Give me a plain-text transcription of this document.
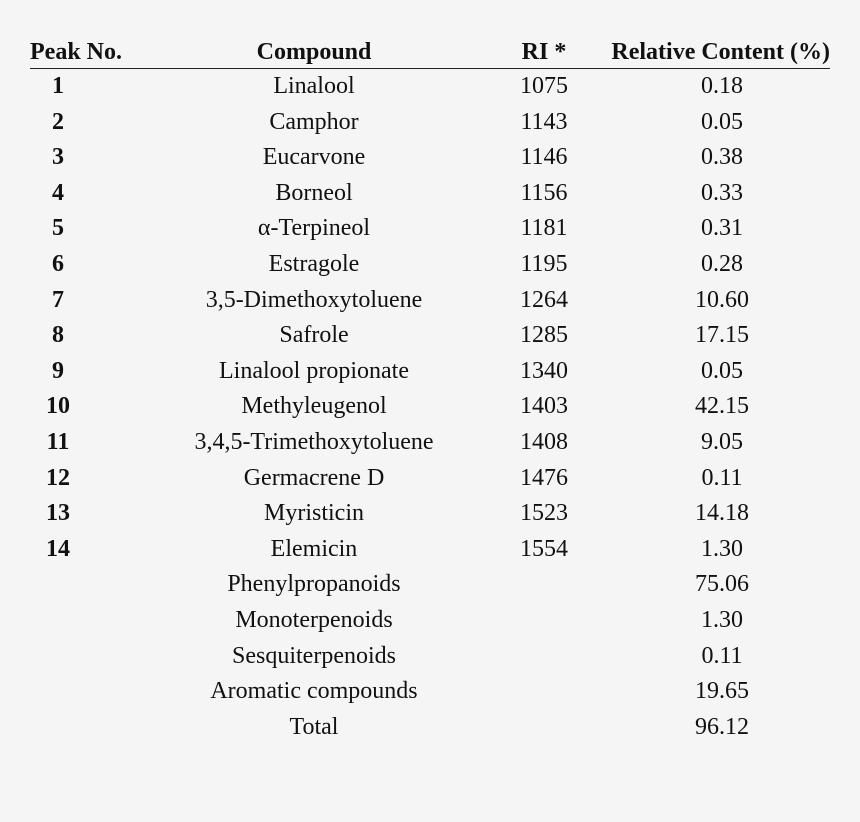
Peak No.	Compound	RI *	Relative Content (%)
1	Linalool	1075	0.18
2	Camphor	1143	0.05
3	Eucarvone	1146	0.38
4	Borneol	1156	0.33
5	α-Terpineol	1181	0.31
6	Estragole	1195	0.28
7	3,5-Dimethoxytoluene	1264	10.60
8	Safrole	1285	17.15
9	Linalool propionate	1340	0.05
10	Methyleugenol	1403	42.15
11	3,4,5-Trimethoxytoluene	1408	9.05
12	Germacrene D	1476	0.11
13	Myristicin	1523	14.18
14	Elemicin	1554	1.30
	Phenylpropanoids		75.06
	Monoterpenoids		1.30
	Sesquiterpenoids		0.11
	Aromatic compounds		19.65
	Total		96.12
